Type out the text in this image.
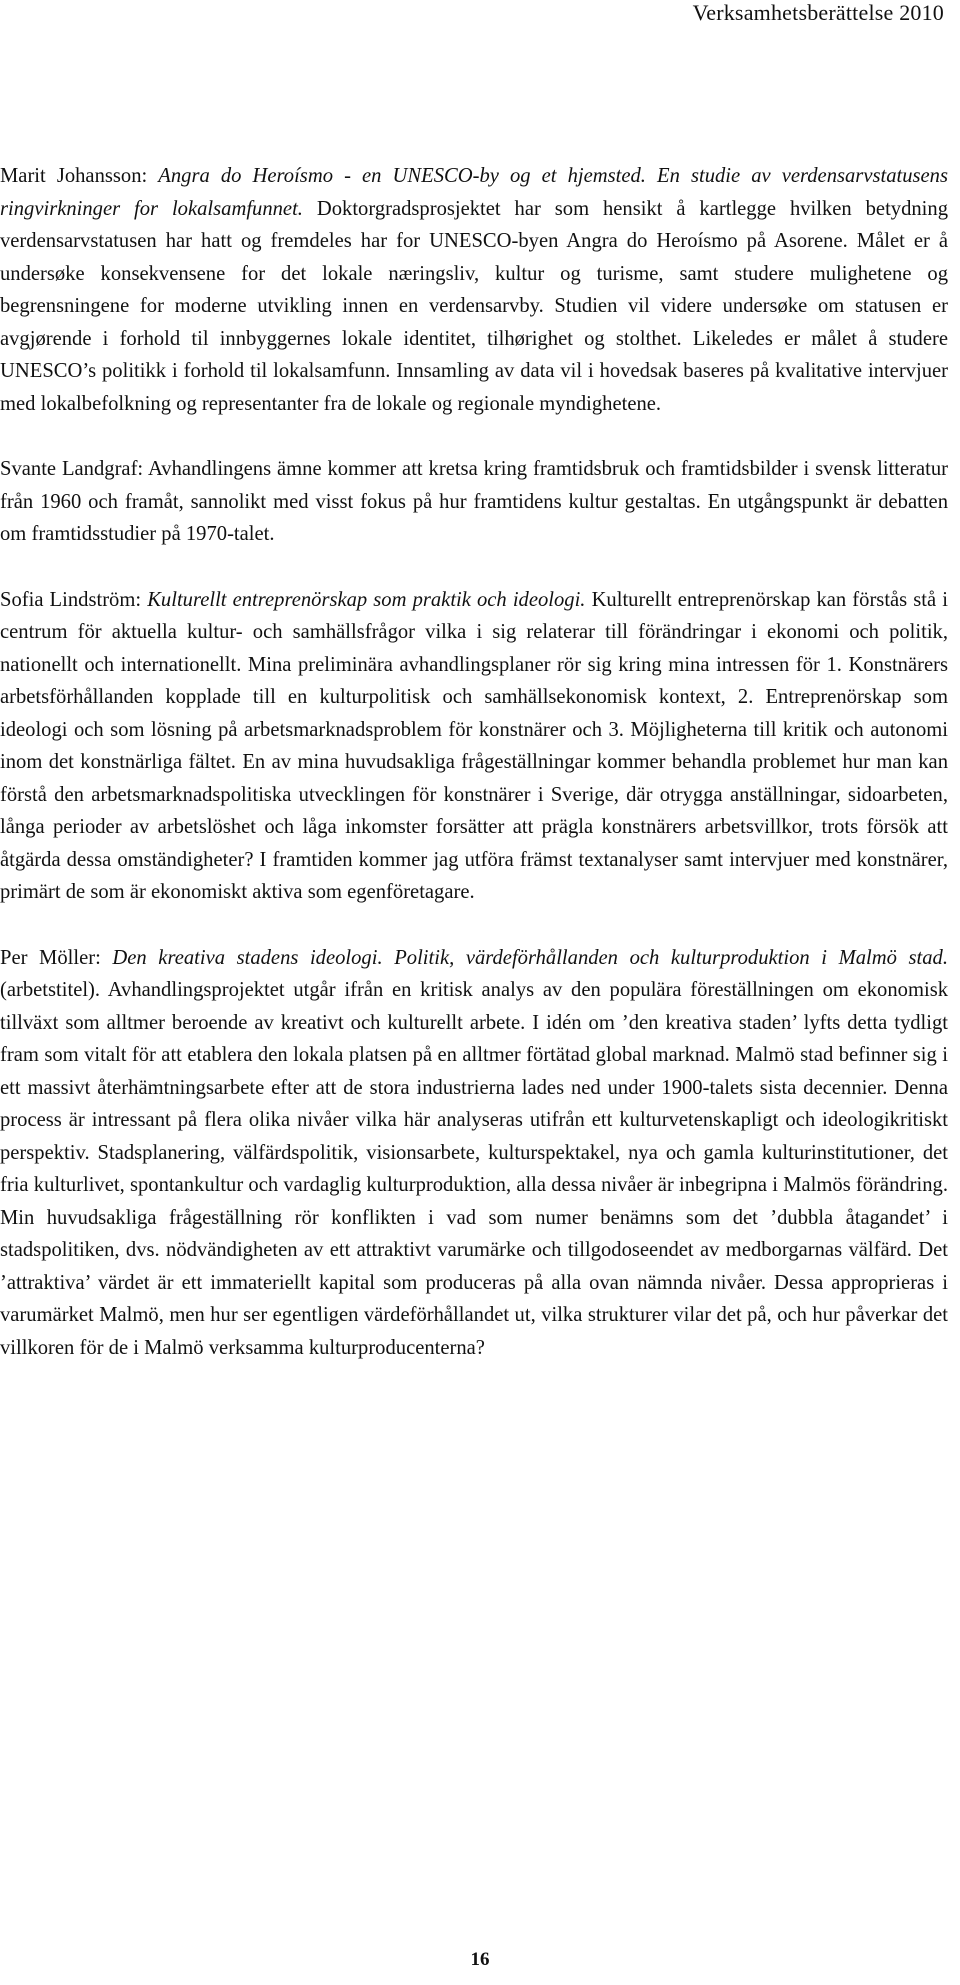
Verksamhetsberättelse 2010

Marit Johansson: Angra do Heroísmo - en UNESCO-by og et hjemsted. En studie av verdensarvstatusens ringvirkninger for lokalsamfunnet. Doktorgradsprosjektet har som hensikt å kartlegge hvilken betydning verdensarvstatusen har hatt og fremdeles har for UNESCO-byen Angra do Heroísmo på Asorene. Målet er å undersøke konsekvensene for det lokale næringsliv, kultur og turisme, samt studere mulighetene og begrensningene for moderne utvikling innen en verdensarvby. Studien vil videre undersøke om statusen er avgjørende i forhold til innbyggernes lokale identitet, tilhørighet og stolthet. Likeledes er målet å studere UNESCO’s politikk i forhold til lokalsamfunn. Innsamling av data vil i hovedsak baseres på kvalitative intervjuer med lokalbefolkning og representanter fra de lokale og regionale myndighetene.

Svante Landgraf: Avhandlingens ämne kommer att kretsa kring framtidsbruk och framtidsbilder i svensk litteratur från 1960 och framåt, sannolikt med visst fokus på hur framtidens kultur gestaltas. En utgångspunkt är debatten om framtidsstudier på 1970-talet.

Sofia Lindström: Kulturellt entreprenörskap som praktik och ideologi. Kulturellt entreprenörskap kan förstås stå i centrum för aktuella kultur- och samhällsfrågor vilka i sig relaterar till förändringar i ekonomi och politik, nationellt och internationellt. Mina preliminära avhandlingsplaner rör sig kring mina intressen för 1. Konstnärers arbetsförhållanden kopplade till en kulturpolitisk och samhällsekonomisk kontext, 2. Entreprenörskap som ideologi och som lösning på arbetsmarknadsproblem för konstnärer och 3. Möjligheterna till kritik och autonomi inom det konstnärliga fältet. En av mina huvudsakliga frågeställningar kommer behandla problemet hur man kan förstå den arbetsmarknadspolitiska utvecklingen för konstnärer i Sverige, där otrygga anställningar, sidoarbeten, långa perioder av arbetslöshet och låga inkomster forsätter att prägla konstnärers arbetsvillkor, trots försök att åtgärda dessa omständigheter? I framtiden kommer jag utföra främst textanalyser samt intervjuer med konstnärer, primärt de som är ekonomiskt aktiva som egenföretagare.

Per Möller: Den kreativa stadens ideologi. Politik, värdeförhållanden och kulturproduktion i Malmö stad. (arbetstitel). Avhandlingsprojektet utgår ifrån en kritisk analys av den populära föreställningen om ekonomisk tillväxt som alltmer beroende av kreativt och kulturellt arbete. I idén om ’den kreativa staden’ lyfts detta tydligt fram som vitalt för att etablera den lokala platsen på en alltmer förtätad global marknad. Malmö stad befinner sig i ett massivt återhämtningsarbete efter att de stora industrierna lades ned under 1900-talets sista decennier. Denna process är intressant på flera olika nivåer vilka här analyseras utifrån ett kulturvetenskapligt och ideologikritiskt perspektiv. Stadsplanering, välfärdspolitik, visionsarbete, kulturspektakel, nya och gamla kulturinstitutioner, det fria kulturlivet, spontankultur och vardaglig kulturproduktion, alla dessa nivåer är inbegripna i Malmös förändring. Min huvudsakliga frågeställning rör konflikten i vad som numer benämns som det ’dubbla åtagandet’ i stadspolitiken, dvs. nödvändigheten av ett attraktivt varumärke och tillgodoseendet av medborgarnas välfärd. Det ’attraktiva’ värdet är ett immateriellt kapital som produceras på alla ovan nämnda nivåer. Dessa approprieras i varumärket Malmö, men hur ser egentligen värdeförhållandet ut, vilka strukturer vilar det på, och hur påverkar det villkoren för de i Malmö verksamma kulturproducenterna?

16
